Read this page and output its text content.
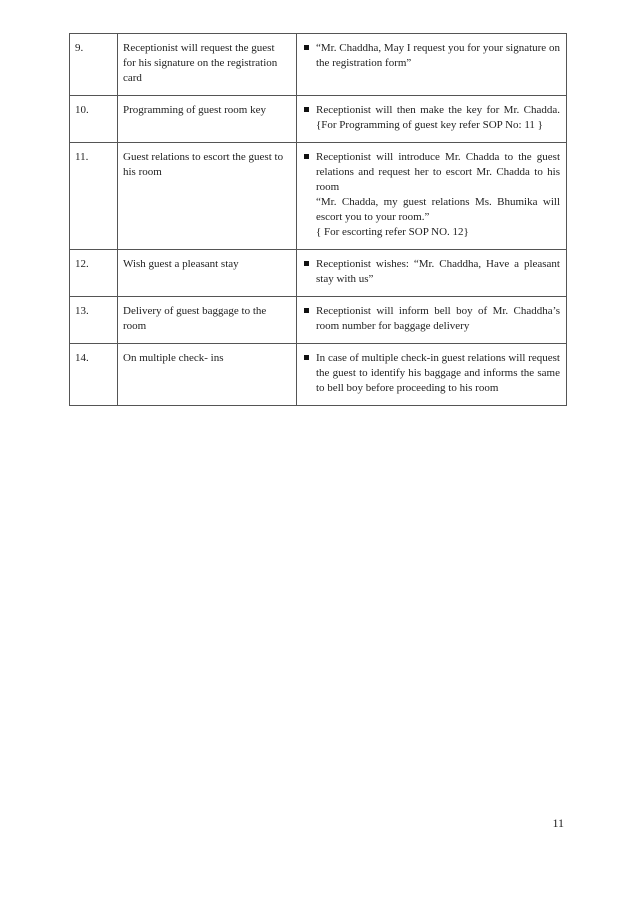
9.	Receptionist will request the guest for his signature on the registration card	“Mr. Chaddha, May I request you for your signature on the registration form”

10.	Programming of guest room key	Receptionist will then make the key for Mr. Chadda.{For Programming of guest key refer SOP No: 11 }

11.	Guest relations to escort the guest to his room	Receptionist will introduce Mr. Chadda to the guest relations and request her to escort Mr. Chadda to his room
“Mr. Chadda, my guest relations Ms. Bhumika will escort you to your room.”
{ For escorting refer SOP NO. 12}

12.	Wish guest a pleasant stay	Receptionist wishes: “Mr. Chaddha, Have a pleasant stay with us”

13.	Delivery of guest baggage to the room	Receptionist will inform bell boy of Mr. Chaddha’s room number for baggage delivery

14.	On multiple check- ins	In case of multiple check-in guest relations will request the guest to identify his baggage and informs the same to bell boy before proceeding to his room
11
